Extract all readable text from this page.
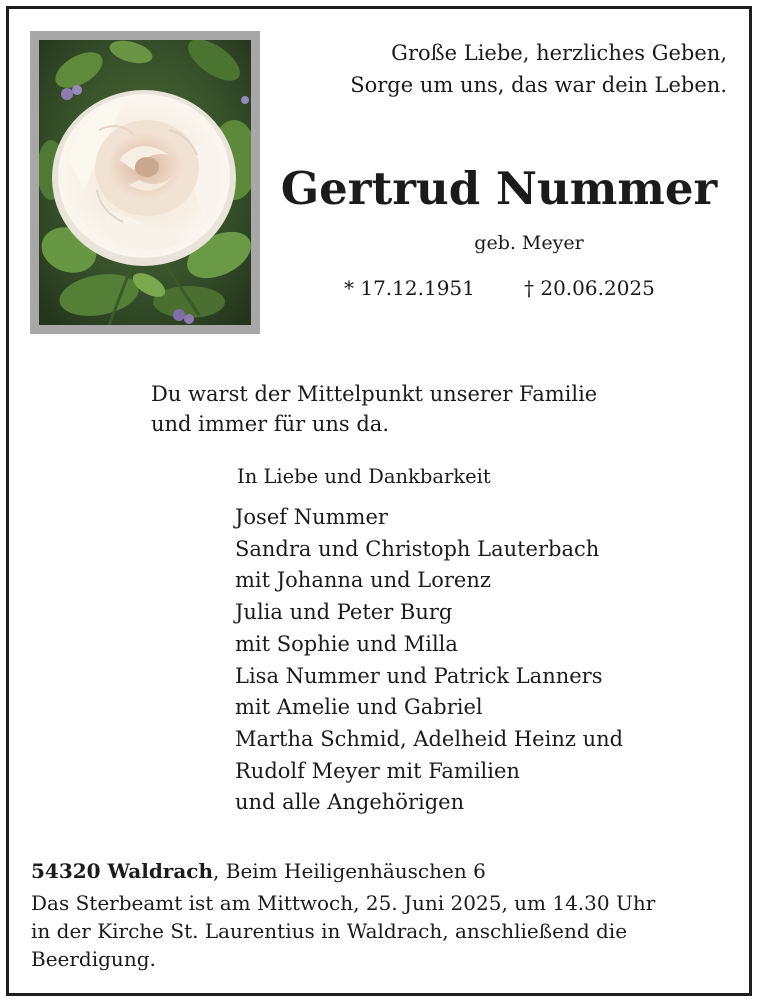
Große Liebe, herzliches Geben,
Sorge um uns, das war dein Leben.
Gertrud Nummer
geb. Meyer
* 17.12.1951 † 20.06.2025
Du warst der Mittelpunkt unserer Familie
und immer für uns da.
In Liebe und Dankbarkeit
Josef Nummer
Sandra und Christoph Lauterbach
mit Johanna und Lorenz
Julia und Peter Burg
mit Sophie und Milla
Lisa Nummer und Patrick Lanners
mit Amelie und Gabriel
Martha Schmid, Adelheid Heinz und
Rudolf Meyer mit Familien
und alle Angehörigen
54320 Waldrach, Beim Heiligenhäuschen 6
Das Sterbeamt ist am Mittwoch, 25. Juni 2025, um 14.30 Uhr
in der Kirche St. Laurentius in Waldrach, anschließend die
Beerdigung.
